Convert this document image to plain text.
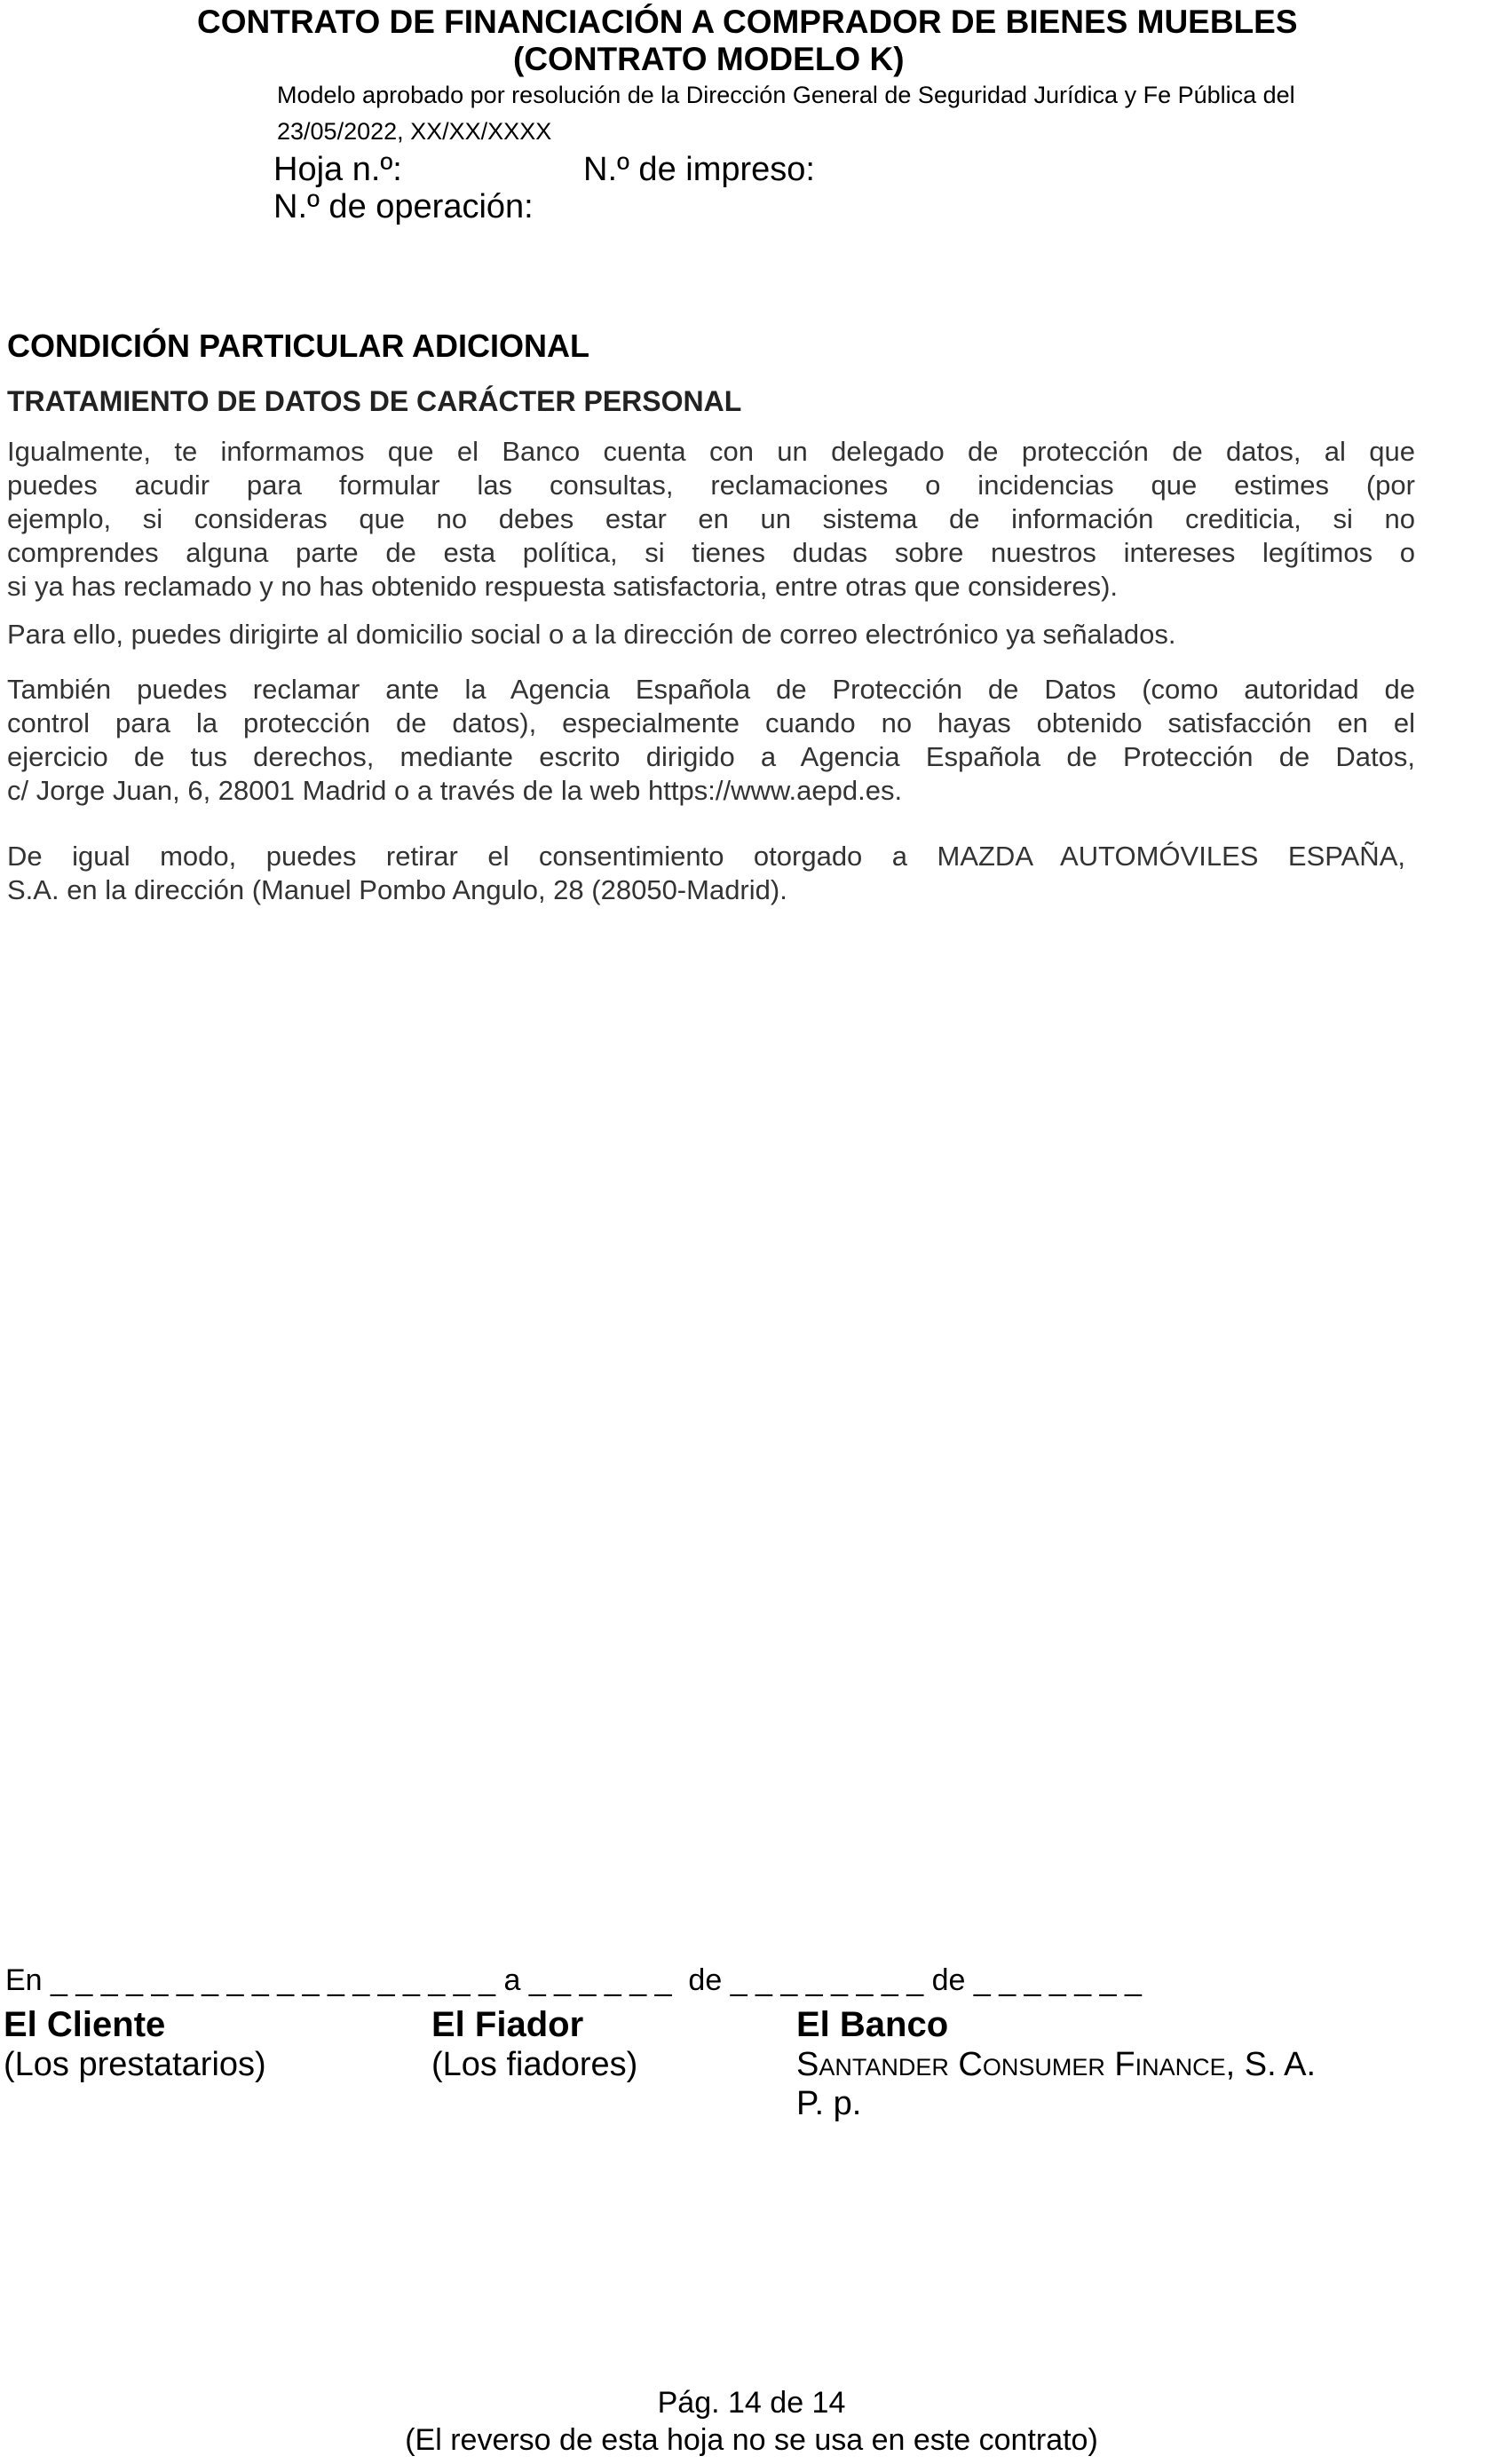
CONTRATO DE FINANCIACIÓN A COMPRADOR DE BIENES MUEBLES
(CONTRATO MODELO K)
Modelo aprobado por resolución de la Dirección General de Seguridad Jurídica y Fe Pública del
23/05/2022, XX/XX/XXXX
Hoja n.º:	N.º de impreso:
N.º de operación:
CONDICIÓN PARTICULAR ADICIONAL
TRATAMIENTO DE DATOS DE CARÁCTER PERSONAL
Igualmente, te informamos que el Banco cuenta con un delegado de protección de datos, al que
puedes acudir para formular las consultas, reclamaciones o incidencias que estimes (por
ejemplo, si consideras que no debes estar en un sistema de información crediticia, si no
comprendes alguna parte de esta política, si tienes dudas sobre nuestros intereses legítimos o
si ya has reclamado y no has obtenido respuesta satisfactoria, entre otras que consideres).
Para ello, puedes dirigirte al domicilio social o a la dirección de correo electrónico ya señalados.
También puedes reclamar ante la Agencia Española de Protección de Datos (como autoridad de
control para la protección de datos), especialmente cuando no hayas obtenido satisfacción en el
ejercicio de tus derechos, mediante escrito dirigido a Agencia Española de Protección de Datos,
c/ Jorge Juan, 6, 28001 Madrid o a través de la web https://www.aepd.es.
De igual modo, puedes retirar el consentimiento otorgado a MAZDA AUTOMÓVILES ESPAÑA,
S.A. en la dirección (Manuel Pombo Angulo, 28 (28050-Madrid).
En _ _ _ _ _ _ _ _ _ _ _ _ _ _ _ _ _ _ a _ _ _ _ _ _ de _ _ _ _ _ _ _ _ de _ _ _ _ _ _ _
El Cliente
(Los prestatarios)
El Fiador
(Los fiadores)
El Banco
Santander Consumer Finance, S. A.
P. p.
Pág. 14 de 14
(El reverso de esta hoja no se usa en este contrato)
